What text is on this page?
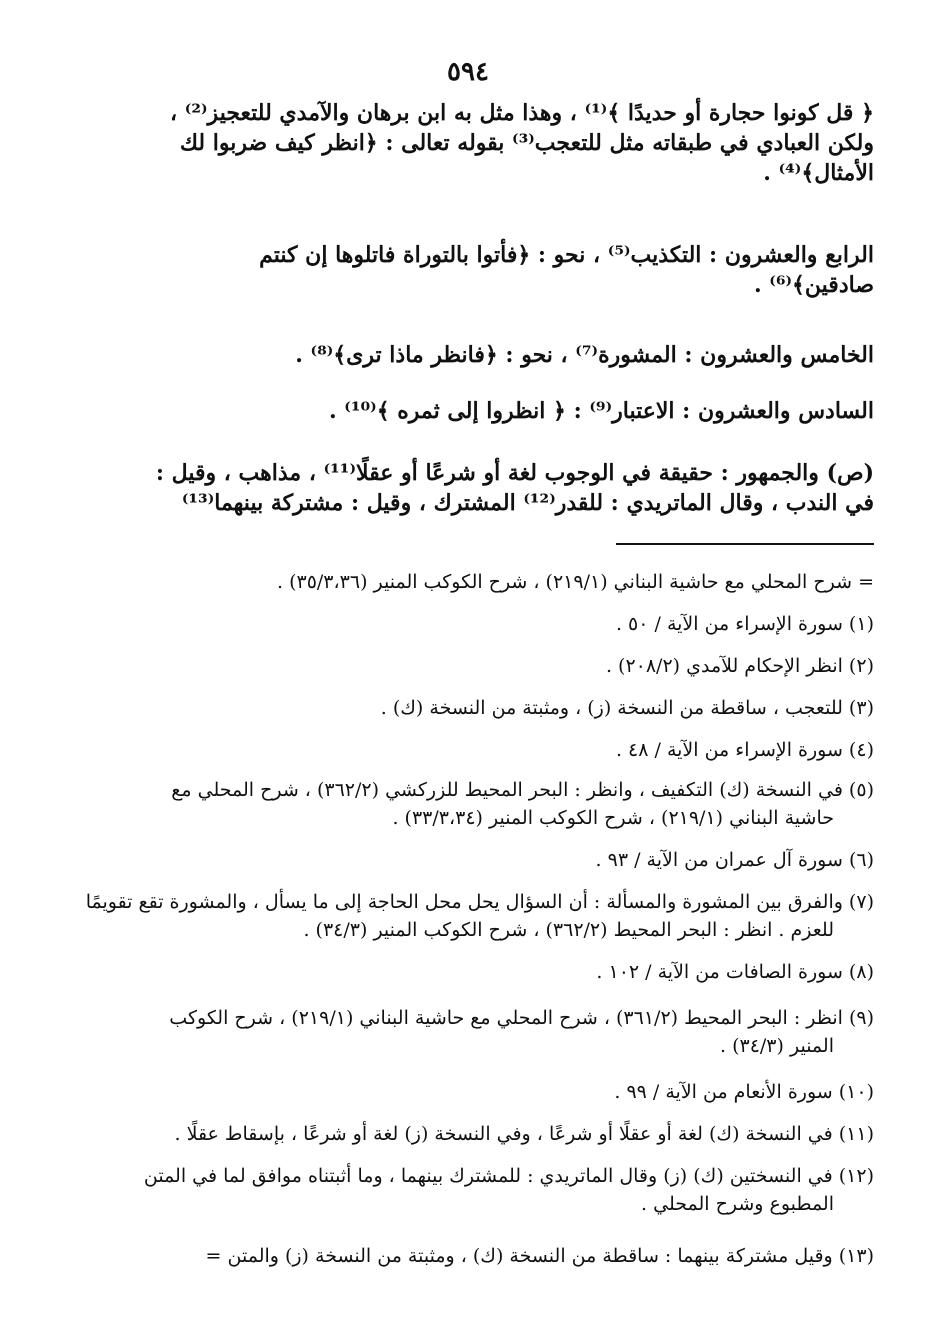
٥٩٤
﴿ قل كونوا حجارة أو حديدًا ﴾⁽¹⁾ ، وهذا مثل به ابن برهان والآمدي للتعجيز⁽²⁾ ،
ولكن العبادي في طبقاته مثل للتعجب⁽³⁾ بقوله تعالى : ﴿انظر كيف ضربوا لك
الأمثال﴾⁽⁴⁾ .
الرابع والعشرون : التكذيب⁽⁵⁾ ، نحو : ﴿فأتوا بالتوراة فاتلوها إن كنتم
صادقين﴾⁽⁶⁾ .
الخامس والعشرون : المشورة⁽⁷⁾ ، نحو : ﴿فانظر ماذا ترى﴾⁽⁸⁾ .
السادس والعشرون : الاعتبار⁽⁹⁾ : ﴿ انظروا إلى ثمره ﴾⁽¹⁰⁾ .
(ص) والجمهور : حقيقة في الوجوب لغة أو شرعًا أو عقلًا⁽¹¹⁾ ، مذاهب ، وقيل :
في الندب ، وقال الماتريدي : للقدر⁽¹²⁾ المشترك ، وقيل : مشتركة بينهما⁽¹³⁾
= شرح المحلي مع حاشية البناني (٢١٩/١) ، شرح الكوكب المنير (٣٥/٣،٣٦) .
(١) سورة الإسراء من الآية / ٥٠ .
(٢) انظر الإحكام للآمدي (٢٠٨/٢) .
(٣) للتعجب ، ساقطة من النسخة (ز) ، ومثبتة من النسخة (ك) .
(٤) سورة الإسراء من الآية / ٤٨ .
(٥) في النسخة (ك) التكفيف ، وانظر : البحر المحيط للزركشي (٣٦٢/٢) ، شرح المحلي مع
حاشية البناني (٢١٩/١) ، شرح الكوكب المنير (٣٣/٣،٣٤) .
(٦) سورة آل عمران من الآية / ٩٣ .
(٧) والفرق بين المشورة والمسألة : أن السؤال يحل محل الحاجة إلى ما يسأل ، والمشورة تقع تقويمًا
للعزم . انظر : البحر المحيط (٣٦٢/٢) ، شرح الكوكب المنير (٣٤/٣) .
(٨) سورة الصافات من الآية / ١٠٢ .
(٩) انظر : البحر المحيط (٣٦١/٢) ، شرح المحلي مع حاشية البناني (٢١٩/١) ، شرح الكوكب
المنير (٣٤/٣) .
(١٠) سورة الأنعام من الآية / ٩٩ .
(١١) في النسخة (ك) لغة أو عقلًا أو شرعًا ، وفي النسخة (ز) لغة أو شرعًا ، بإسقاط عقلًا .
(١٢) في النسختين (ك) (ز) وقال الماتريدي : للمشترك بينهما ، وما أثبتناه موافق لما في المتن
المطبوع وشرح المحلي .
(١٣) وقيل مشتركة بينهما : ساقطة من النسخة (ك) ، ومثبتة من النسخة (ز) والمتن =
